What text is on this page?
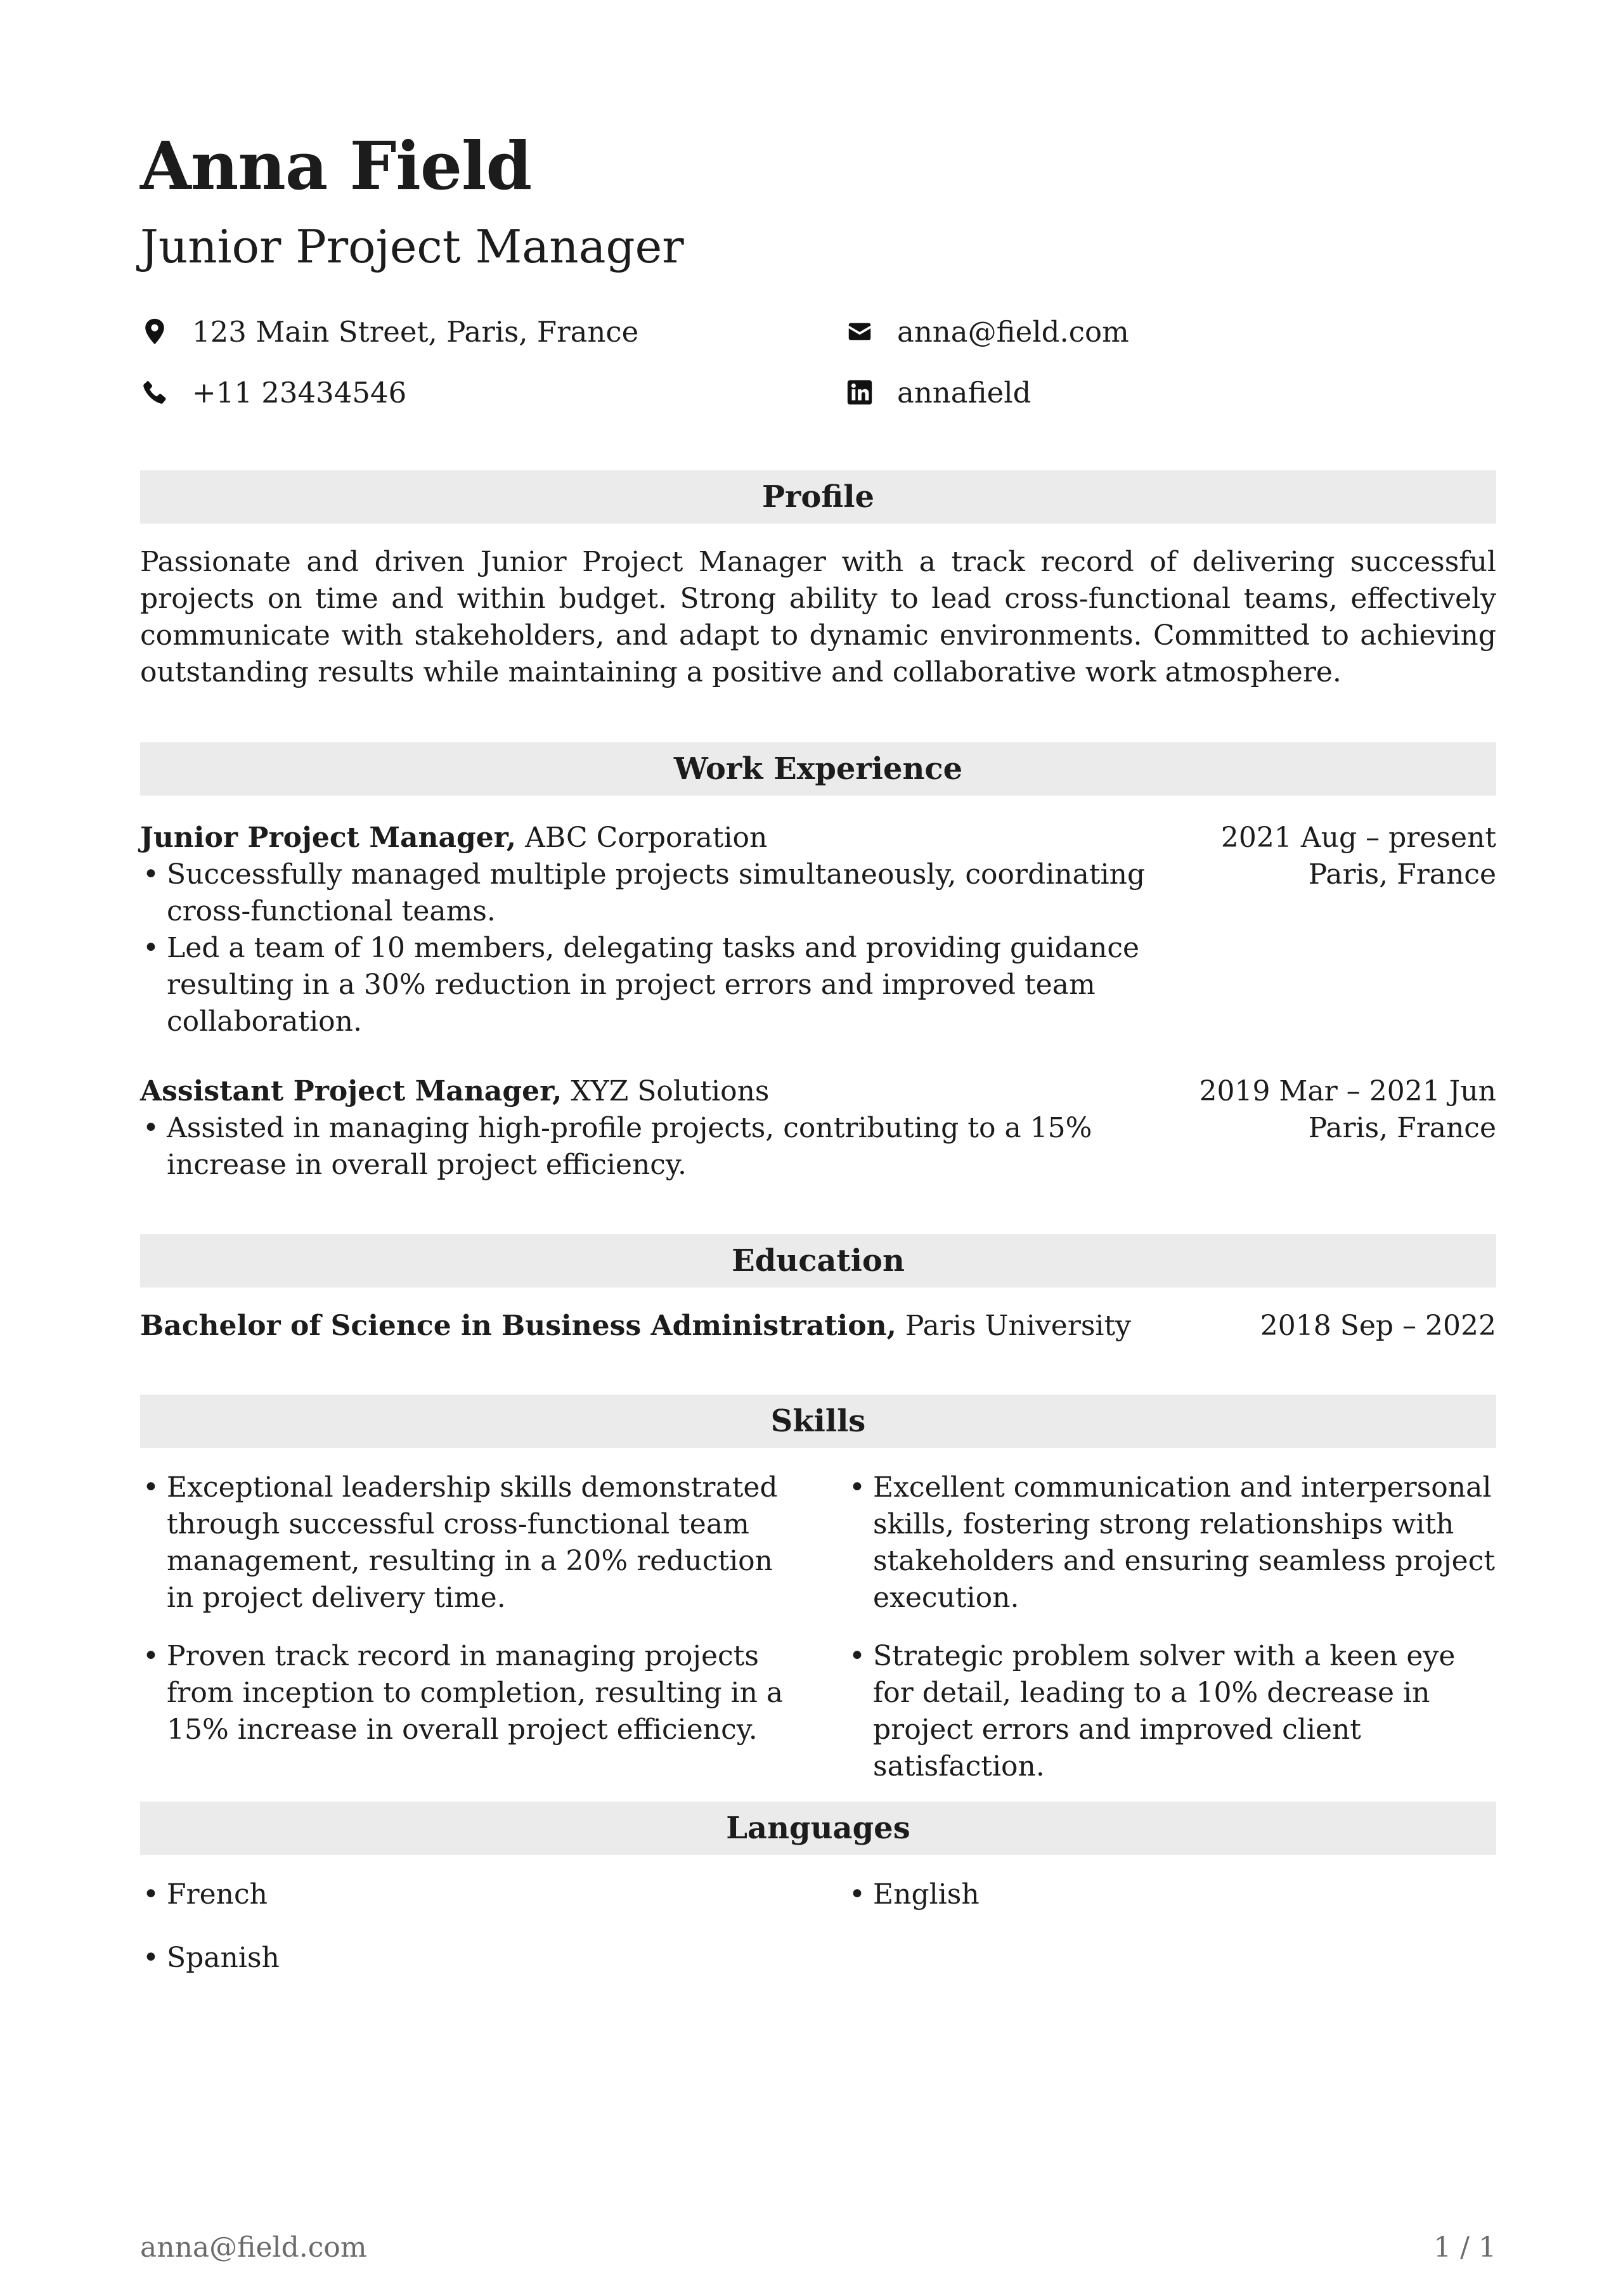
Anna Field
Junior Project Manager
123 Main Street, Paris, France
+11 23434546
anna@field.com
annafield
Profile
Passionate and driven Junior Project Manager with a track record of delivering successful projects on time and within budget. Strong ability to lead cross-functional teams, effectively communicate with stakeholders, and adapt to dynamic environments. Committed to achieving outstanding results while maintaining a positive and collaborative work atmosphere.
Work Experience
Junior Project Manager, ABC Corporation
• Successfully managed multiple projects simultaneously, coordinating cross-functional teams.
• Led a team of 10 members, delegating tasks and providing guidance resulting in a 30% reduction in project errors and improved team collaboration.
2021 Aug – present
Paris, France
Assistant Project Manager, XYZ Solutions
• Assisted in managing high-profile projects, contributing to a 15% increase in overall project efficiency.
2019 Mar – 2021 Jun
Paris, France
Education
Bachelor of Science in Business Administration, Paris University	2018 Sep – 2022
Skills
• Exceptional leadership skills demonstrated through successful cross-functional team management, resulting in a 20% reduction in project delivery time.
• Proven track record in managing projects from inception to completion, resulting in a 15% increase in overall project efficiency.
• Excellent communication and interpersonal skills, fostering strong relationships with stakeholders and ensuring seamless project execution.
• Strategic problem solver with a keen eye for detail, leading to a 10% decrease in project errors and improved client satisfaction.
Languages
• French
• Spanish
• English
anna@field.com	1 / 1
